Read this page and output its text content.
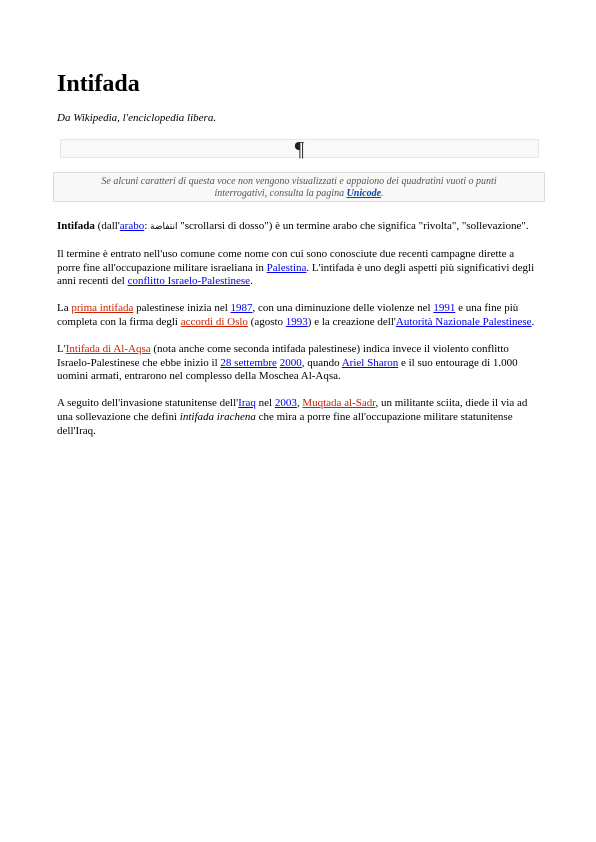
Intifada
Da Wikipedia, l'enciclopedia libera.
¶
Se alcuni caratteri di questa voce non vengono visualizzati e appaiono dei quadratini vuoti o punti interrogativi, consulta la pagina Unicode.

Intifada (dall'arabo: انتفاضة "scrollarsi di dosso") è un termine arabo che significa "rivolta", "sollevazione".

Il termine è entrato nell'uso comune come nome con cui sono conosciute due recenti campagne dirette a porre fine all'occupazione militare israeliana in Palestina. L'intifada è uno degli aspetti più significativi degli anni recenti del conflitto Israelo-Palestinese.

La prima intifada palestinese inizia nel 1987, con una diminuzione delle violenze nel 1991 e una fine più completa con la firma degli accordi di Oslo (agosto 1993) e la creazione dell'Autorità Nazionale Palestinese.

L'Intifada di Al-Aqsa (nota anche come seconda intifada palestinese) indica invece il violento conflitto Israelo-Palestinese che ebbe inizio il 28 settembre 2000, quando Ariel Sharon e il suo entourage di 1.000 uomini armati, entrarono nel complesso della Moschea Al-Aqsa.

A seguito dell'invasione statunitense dell'Iraq nel 2003, Muqtada al-Sadr, un militante sciita, diede il via ad una sollevazione che definì intifada irachena che mira a porre fine all'occupazione militare statunitense dell'Iraq.
